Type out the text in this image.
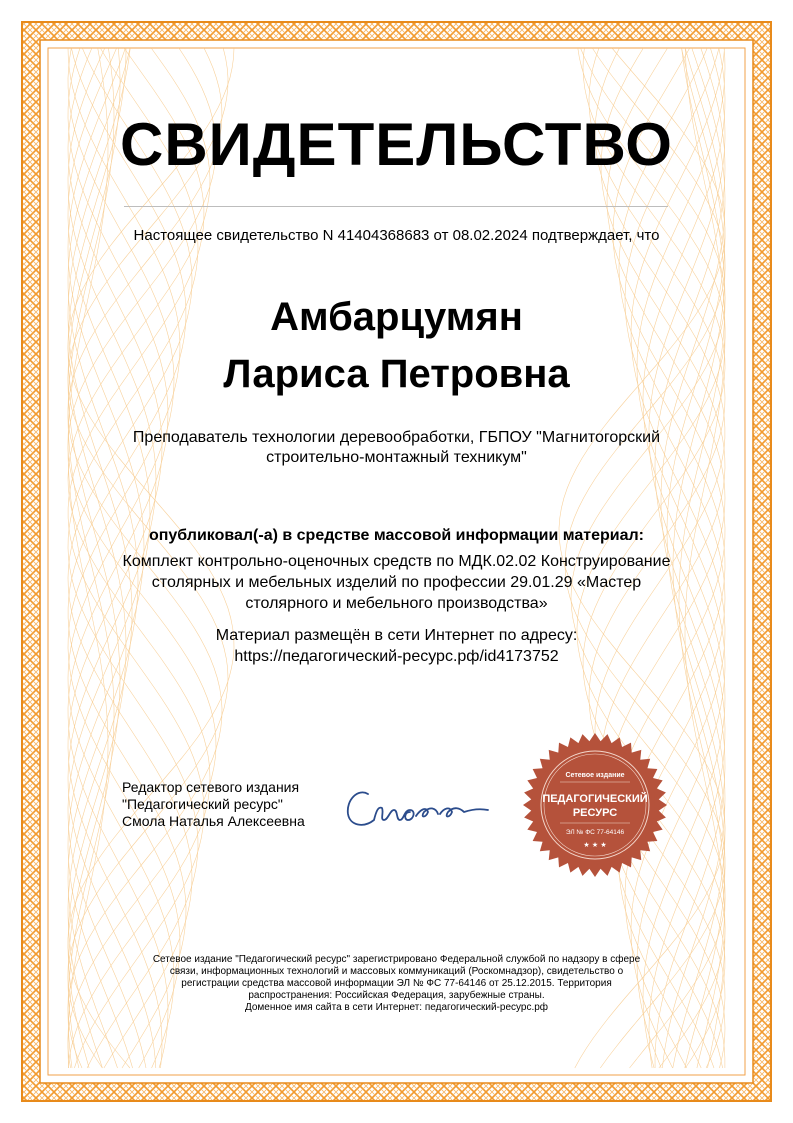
СВИДЕТЕЛЬСТВО
Настоящее свидетельство N 41404368683 от 08.02.2024 подтверждает, что
Амбарцумян
Лариса Петровна
Преподаватель технологии деревообработки, ГБПОУ "Магнитогорский
строительно-монтажный техникум"
опубликовал(-а) в средстве массовой информации материал:
Комплект контрольно-оценочных средств по МДК.02.02 Конструирование
столярных и мебельных изделий по профессии 29.01.29 «Мастер
столярного и мебельного производства»
Материал размещён в сети Интернет по адресу:
https://педагогический-ресурс.рф/id4173752
Редактор сетевого издания
"Педагогический ресурс"
Смола Наталья Алексеевна
Сетевое издание
ПЕДАГОГИЧЕСКИЙ
РЕСУРС
ЭЛ № ФС 77-64146
★ ★ ★
Сетевое издание "Педагогический ресурс" зарегистрировано Федеральной службой по надзору в сфере
связи, информационных технологий и массовых коммуникаций (Роскомнадзор), свидетельство о
регистрации средства массовой информации ЭЛ № ФС 77-64146 от 25.12.2015. Территория
распространения: Российская Федерация, зарубежные страны.
Доменное имя сайта в сети Интернет: педагогический-ресурс.рф
